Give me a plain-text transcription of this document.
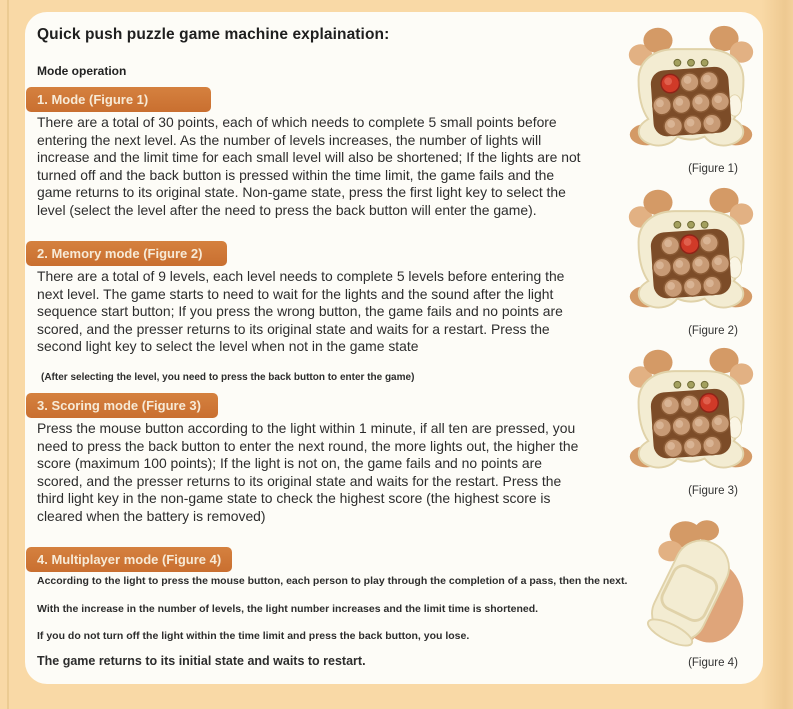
Quick push puzzle game machine explaination:
Mode operation
1. Mode (Figure 1)
There are a total of 30 points, each of which needs to complete 5 small points before entering the next level. As the number of levels increases, the number of lights will increase and the limit time for each small level will also be shortened; If the lights are not turned off and the back button is pressed within the time limit, the game fails and the game returns to its original state. Non-game state, press the first light key to select the level (select the level after the need to press the back button will enter the game).
2. Memory mode (Figure 2)
There are a total of 9 levels, each level needs to complete 5 levels before entering the next level. The game starts to need to wait for the lights and the sound after the light sequence start button; If you press the wrong button, the game fails and no points are scored, and the presser returns to its original state and waits for a restart. Press the second light key to select the level when not in the game state
(After selecting the level, you need to press the back button to enter the game)
3. Scoring mode (Figure 3)
Press the mouse button according to the light within 1 minute, if all ten are pressed, you need to press the back button to enter the next round, the more lights out, the higher the score (maximum 100 points); If the light is not on, the game fails and no points are scored, and the presser returns to its original state and waits for the restart. Press the third light key in the non-game state to check the highest score (the highest score is cleared when the battery is removed)
4. Multiplayer mode (Figure 4)
According to the light to press the mouse button, each person to play through the completion of a pass, then the next.
With the increase in the number of levels, the light number increases and the limit time is shortened.
If you do not turn off the light within the time limit and press the back button, you lose.
The game returns to its initial state and waits to restart.
(Figure 1)
(Figure 2)
(Figure 3)
(Figure 4)
